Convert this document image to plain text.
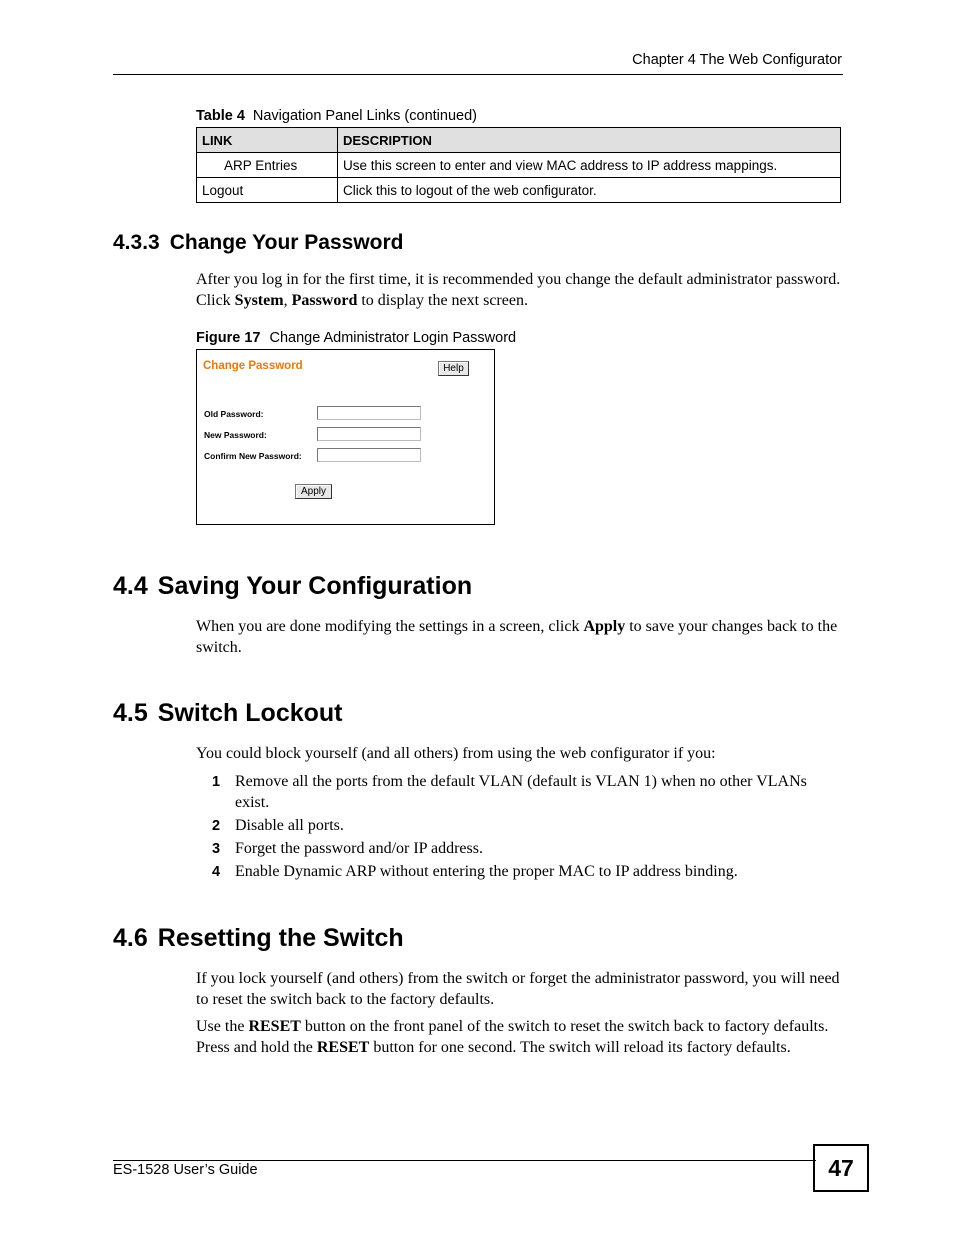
Chapter 4 The Web Configurator
Table 4 Navigation Panel Links (continued)
LINK	DESCRIPTION
ARP Entries	Use this screen to enter and view MAC address to IP address mappings.
Logout	Click this to logout of the web configurator.
4.3.3 Change Your Password

After you log in for the first time, it is recommended you change the default administrator password. Click System, Password to display the next screen.

Figure 17 Change Administrator Login Password
Change Password	Help
Old Password:
New Password:
Confirm New Password:
Apply
4.4 Saving Your Configuration

When you are done modifying the settings in a screen, click Apply to save your changes back to the switch.

4.5 Switch Lockout

You could block yourself (and all others) from using the web configurator if you:

1 Remove all the ports from the default VLAN (default is VLAN 1) when no other VLANs exist.
2 Disable all ports.
3 Forget the password and/or IP address.
4 Enable Dynamic ARP without entering the proper MAC to IP address binding.
4.6 Resetting the Switch

If you lock yourself (and others) from the switch or forget the administrator password, you will need to reset the switch back to the factory defaults.

Use the RESET button on the front panel of the switch to reset the switch back to factory defaults. Press and hold the RESET button for one second. The switch will reload its factory defaults.

ES-1528 User’s Guide	47
